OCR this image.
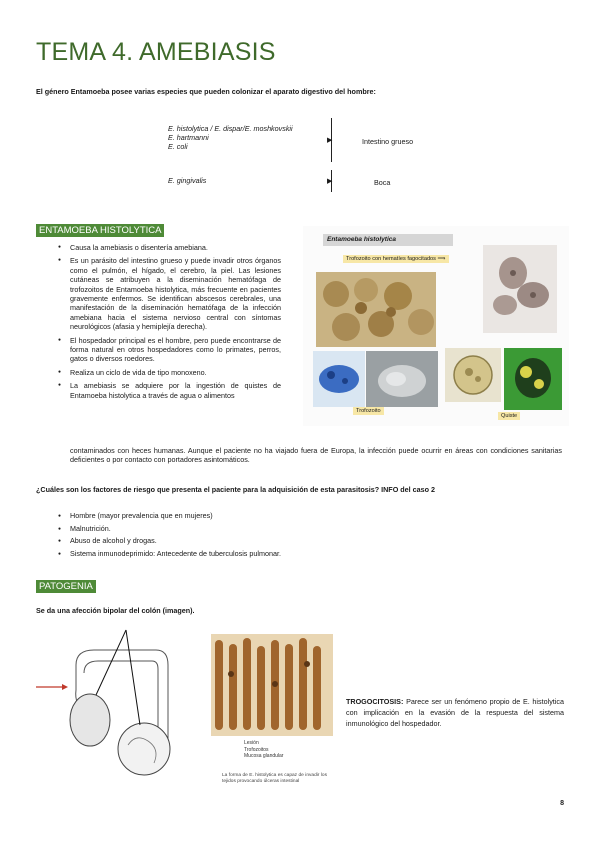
TEMA 4. AMEBIASIS
El género Entamoeba posee varias especies que pueden colonizar el aparato digestivo del hombre:
E. histolytica / E. dispar/E. moshkovskii
E. hartmanni
E. coli
E. gingivalis
▶
▶
Intestino grueso
Boca
ENTAMOEBA HISTOLYTICA
● Causa la amebiasis o disentería amebiana.
● Es un parásito del intestino grueso y puede invadir otros órganos como el pulmón, el hígado, el cerebro, la piel. Las lesiones cutáneas se atribuyen a la diseminación hematófaga de trofozoitos de Entamoeba histolytica, más frecuente en pacientes gravemente enfermos. Se identifican abscesos cerebrales, una manifestación de la diseminación hematófaga de la infección amebiana hacia el sistema nervioso central con síntomas neurológicos (afasia y hemiplejía derecha).
● El hospedador principal es el hombre, pero puede encontrarse de forma natural en otros hospedadores como lo primates, perros, gatos o diversos roedores.
● Realiza un ciclo de vida de tipo monoxeno.
● La amebiasis se adquiere por la ingestión de quistes de Entamoeba histolytica a través de agua o alimentos
contaminados con heces humanas. Aunque el paciente no ha viajado fuera de Europa, la infección puede ocurrir en áreas con condiciones sanitarias deficientes o por contacto con portadores asintomáticos.
Entamoeba histolytica
Trofozoito con hematíes fagocitados ⟹
Trofozoito
Quiste
¿Cuáles son los factores de riesgo que presenta el paciente para la adquisición de esta parasitosis? INFO del caso 2
● Hombre (mayor prevalencia que en mujeres)
● Malnutrición.
● Abuso de alcohol y drogas.
● Sistema inmunodeprimido: Antecedente de tuberculosis pulmonar.
PATOGENIA
Se da una afección bipolar del colón (imagen).
Lesión
Trofozoitos
Mucosa glandular
La forma de E. histolytica es capaz de invadir los tejidos provocando úlceras intestinal
TROGOCITOSIS: Parece ser un fenómeno propio de E. histolytica con implicación en la evasión de la respuesta del sistema inmunológico del hospedador.
8
